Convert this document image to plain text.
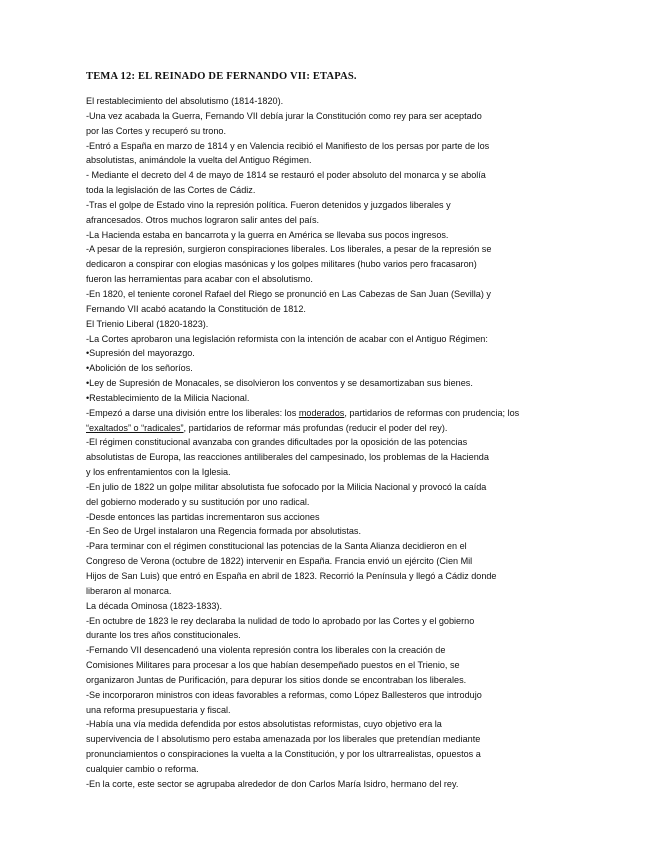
TEMA 12: EL REINADO DE FERNANDO VII: ETAPAS.
El restablecimiento del absolutismo (1814-1820).
-Una vez acabada la Guerra, Fernando VII debía jurar la Constitución como rey para ser aceptado
por las Cortes y recuperó su trono.
-Entró a España en marzo de 1814 y en Valencia recibió el Manifiesto de los persas por parte de los
absolutistas, animándole la vuelta del Antiguo Régimen.
- Mediante el decreto del 4 de mayo de 1814 se restauró el poder absoluto del monarca y se abolía
toda la legislación de las Cortes de Cádiz.
-Tras el golpe de Estado vino la represión política. Fueron detenidos y juzgados liberales y
afrancesados. Otros muchos lograron salir antes del país.
-La Hacienda estaba en bancarrota y la guerra en América se llevaba sus pocos ingresos.
-A pesar de la represión, surgieron conspiraciones liberales. Los liberales, a pesar de la represión se
dedicaron a conspirar con elogias masónicas y los golpes militares (hubo varios pero fracasaron)
fueron las herramientas para acabar con el absolutismo.
-En 1820, el teniente coronel Rafael del Riego se pronunció en Las Cabezas de San Juan (Sevilla) y
Fernando VII acabó acatando la Constitución de 1812.
El Trienio Liberal (1820-1823).
-La Cortes aprobaron una legislación reformista con la intención de acabar con el Antiguo Régimen:
•Supresión del mayorazgo.
•Abolición de los señoríos.
•Ley de Supresión de Monacales, se disolvieron los conventos y se desamortizaban sus bienes.
•Restablecimiento de la Milicia Nacional.
-Empezó a darse una división entre los liberales: los moderados, partidarios de reformas con prudencia; los
“exaltados” o “radicales”, partidarios de reformar más profundas (reducir el poder del rey).
-El régimen constitucional avanzaba con grandes dificultades por la oposición de las potencias
absolutistas de Europa, las reacciones antiliberales del campesinado, los problemas de la Hacienda
y los enfrentamientos con la Iglesia.
-En julio de 1822 un golpe militar absolutista fue sofocado por la Milicia Nacional y provocó la caída
del gobierno moderado y su sustitución por uno radical.
-Desde entonces las partidas incrementaron sus acciones
-En Seo de Urgel instalaron una Regencia formada por absolutistas.
-Para terminar con el régimen constitucional las potencias de la Santa Alianza decidieron en el
Congreso de Verona (octubre de 1822) intervenir en España. Francia envió un ejército (Cien Mil
Hijos de San Luis) que entró en España en abril de 1823. Recorrió la Península y llegó a Cádiz donde
liberaron al monarca.
La década Ominosa (1823-1833).
-En octubre de 1823 le rey declaraba la nulidad de todo lo aprobado por las Cortes y el gobierno
durante los tres años constitucionales.
-Fernando VII desencadenó una violenta represión contra los liberales con la creación de
Comisiones Militares para procesar a los que habían desempeñado puestos en el Trienio, se
organizaron Juntas de Purificación, para depurar los sitios donde se encontraban los liberales.
-Se incorporaron ministros con ideas favorables a reformas, como López Ballesteros que introdujo
una reforma presupuestaria y fiscal.
-Había una vía medida defendida por estos absolutistas reformistas, cuyo objetivo era la
supervivencia de l absolutismo pero estaba amenazada por los liberales que pretendían mediante
pronunciamientos o conspiraciones la vuelta a la Constitución, y por los ultrarrealistas, opuestos a
cualquier cambio o reforma.
-En la corte, este sector se agrupaba alrededor de don Carlos María Isidro, hermano del rey.
